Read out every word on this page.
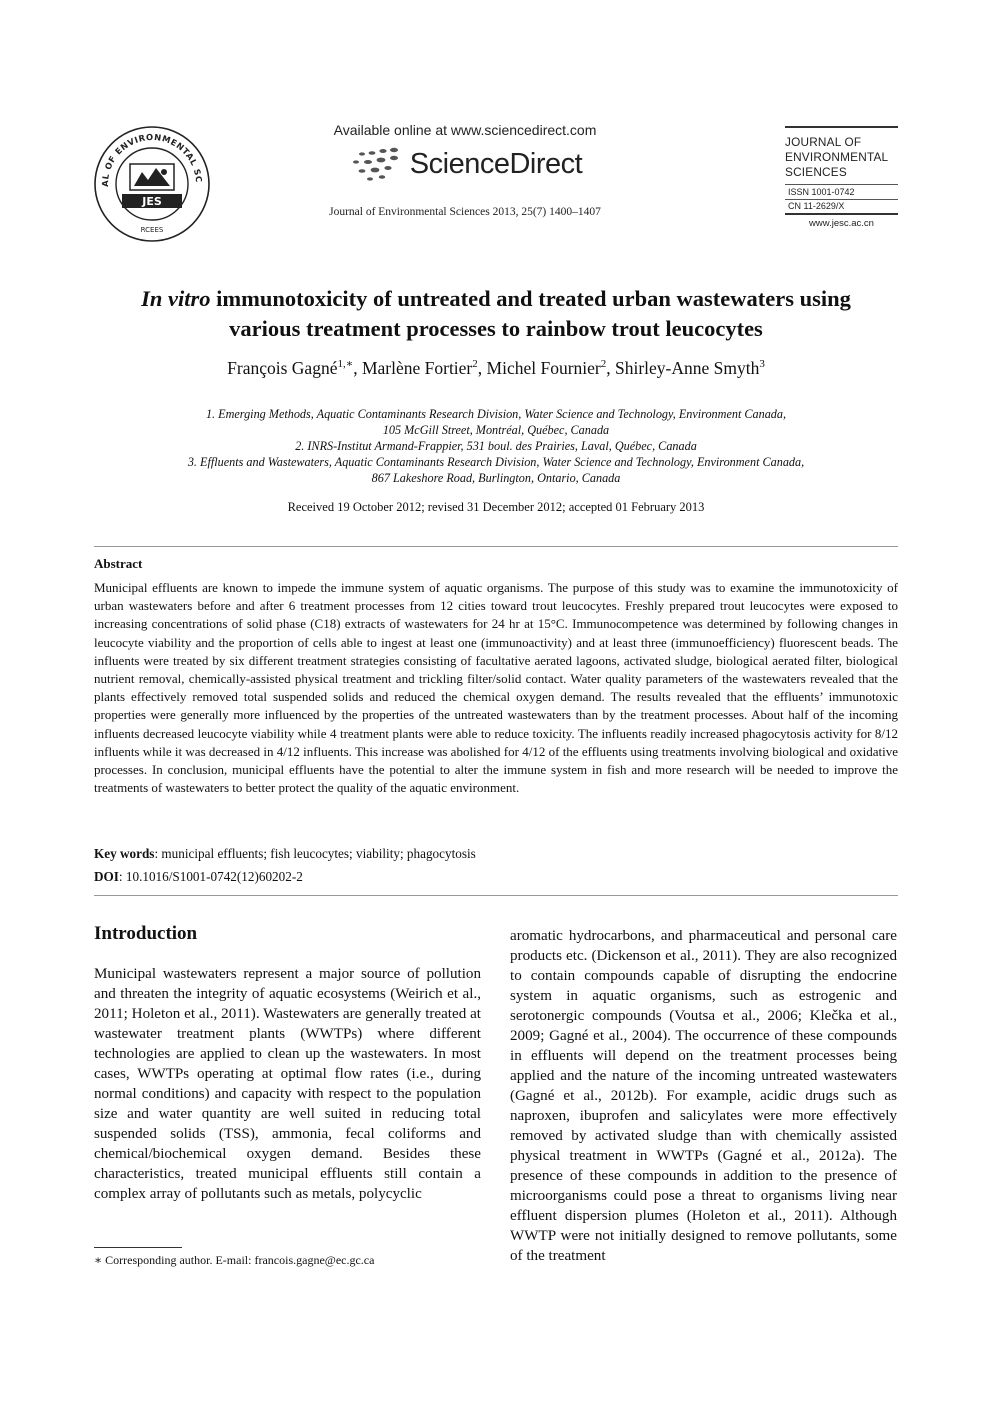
AL OF ENVIRONMENTAL SC
JES
RCEES
Available online at www.sciencedirect.com
ScienceDirect
Journal of Environmental Sciences 2013, 25(7) 1400–1407
JOURNAL OF
ENVIRONMENTAL
SCIENCES
ISSN 1001-0742
CN 11-2629/X
www.jesc.ac.cn
In vitro immunotoxicity of untreated and treated urban wastewaters using
various treatment processes to rainbow trout leucocytes
François Gagné$^{1,∗}$, Marlène Fortier$^2$, Michel Fournier$^2$, Shirley-Anne Smyth$^3$
1. Emerging Methods, Aquatic Contaminants Research Division, Water Science and Technology, Environment Canada,
105 McGill Street, Montréal, Québec, Canada
2. INRS-Institut Armand-Frappier, 531 boul. des Prairies, Laval, Québec, Canada
3. Effluents and Wastewaters, Aquatic Contaminants Research Division, Water Science and Technology, Environment Canada,
867 Lakeshore Road, Burlington, Ontario, Canada
Received 19 October 2012; revised 31 December 2012; accepted 01 February 2013
Abstract
Municipal effluents are known to impede the immune system of aquatic organisms. The purpose of this study was to examine the immunotoxicity of urban wastewaters before and after 6 treatment processes from 12 cities toward trout leucocytes. Freshly prepared trout leucocytes were exposed to increasing concentrations of solid phase (C18) extracts of wastewaters for 24 hr at 15°C. Immunocompetence was determined by following changes in leucocyte viability and the proportion of cells able to ingest at least one (immunoactivity) and at least three (immunoefficiency) fluorescent beads. The influents were treated by six different treatment strategies consisting of facultative aerated lagoons, activated sludge, biological aerated filter, biological nutrient removal, chemically-assisted physical treatment and trickling filter/solid contact. Water quality parameters of the wastewaters revealed that the plants effectively removed total suspended solids and reduced the chemical oxygen demand. The results revealed that the effluents’ immunotoxic properties were generally more influenced by the properties of the untreated wastewaters than by the treatment processes. About half of the incoming influents decreased leucocyte viability while 4 treatment plants were able to reduce toxicity. The influents readily increased phagocytosis activity for 8/12 influents while it was decreased in 4/12 influents. This increase was abolished for 4/12 of the effluents using treatments involving biological and oxidative processes. In conclusion, municipal effluents have the potential to alter the immune system in fish and more research will be needed to improve the treatments of wastewaters to better protect the quality of the aquatic environment.
Key words: municipal effluents; fish leucocytes; viability; phagocytosis
DOI: 10.1016/S1001-0742(12)60202-2
Introduction
Municipal wastewaters represent a major source of pollution and threaten the integrity of aquatic ecosystems (Weirich et al., 2011; Holeton et al., 2011). Wastewaters are generally treated at wastewater treatment plants (WWTPs) where different technologies are applied to clean up the wastewaters. In most cases, WWTPs operating at optimal flow rates (i.e., during normal conditions) and capacity with respect to the population size and water quantity are well suited in reducing total suspended solids (TSS), ammonia, fecal coliforms and chemical/biochemical oxygen demand. Besides these characteristics, treated municipal effluents still contain a complex array of pollutants such as metals, polycyclic
aromatic hydrocarbons, and pharmaceutical and personal care products etc. (Dickenson et al., 2011). They are also recognized to contain compounds capable of disrupting the endocrine system in aquatic organisms, such as estrogenic and serotonergic compounds (Voutsa et al., 2006; Klečka et al., 2009; Gagné et al., 2004). The occurrence of these compounds in effluents will depend on the treatment processes being applied and the nature of the incoming untreated wastewaters (Gagné et al., 2012b). For example, acidic drugs such as naproxen, ibuprofen and salicylates were more effectively removed by activated sludge than with chemically assisted physical treatment in WWTPs (Gagné et al., 2012a). The presence of these compounds in addition to the presence of microorganisms could pose a threat to organisms living near effluent dispersion plumes (Holeton et al., 2011). Although WWTP were not initially designed to remove pollutants, some of the treatment
∗ Corresponding author. E-mail: francois.gagne@ec.gc.ca
